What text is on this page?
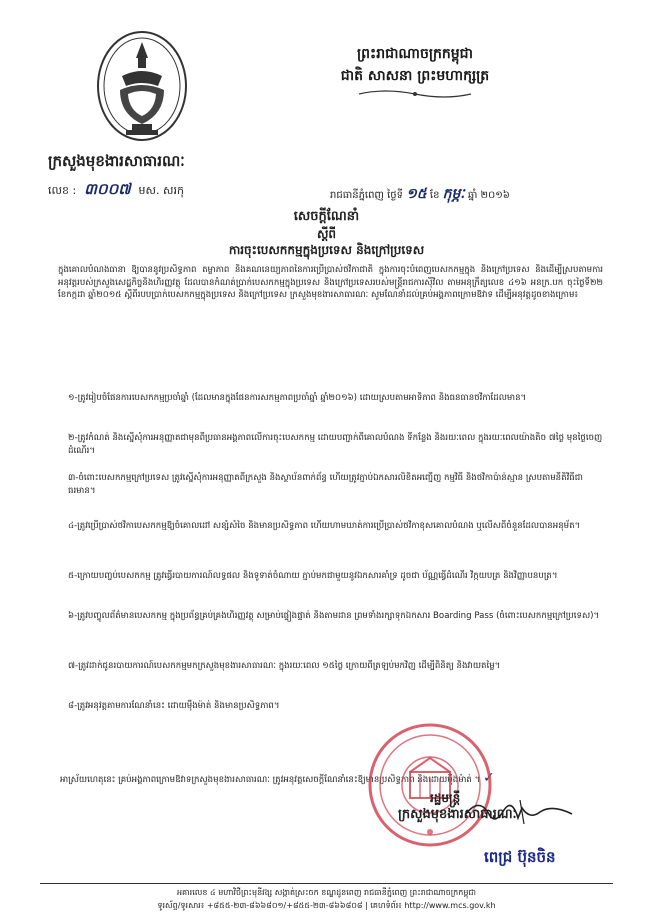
ព្រះរាជាណាចក្រកម្ពុជា
ជាតិ សាសនា ព្រះមហាក្សត្រ
ក្រសួងមុខងារសាធារណៈ
លេខ : ៣០០៧ មស. សរកុ	រាជធានីភ្នំពេញ ថ្ងៃទី ១៥ ខែ កុម្ភៈ ឆ្នាំ ២០១៦
សេចក្តីណែនាំ
ស្តីពី
ការចុះបេសកកម្មក្នុងប្រទេស និងក្រៅប្រទេស
ក្នុងគោលបំណងធានា ឱ្យបាននូវប្រសិទ្ធភាព តម្លាភាព និងគណនេយ្យភាពនៃការប្រើប្រាស់ថវិកាជាតិ ក្នុងការចុះបំពេញបេសកកម្មក្នុង និងក្រៅប្រទេស និងដើម្បីស្របតាមការអនុវត្តរបស់ក្រសួងសេដ្ឋកិច្ចនិងហិរញ្ញវត្ថុ ដែលបានកំណត់ប្រាក់បេសកកម្មក្នុងប្រទេស និងក្រៅប្រទេសរបស់មន្ត្រីរាជការស៊ីវិល តាមអនុក្រឹត្យលេខ ៤១៦ អនក្រ.បក ចុះថ្ងៃទី២២ ខែកក្កដា ឆ្នាំ២០១៥ ស្តីពីរបបប្រាក់បេសកកម្មក្នុងប្រទេស និងក្រៅប្រទេស ក្រសួងមុខងារសាធារណៈ សូមណែនាំដល់គ្រប់អង្គភាពក្រោមឱវាទ ដើម្បីអនុវត្តដូចខាងក្រោម៖
១-ត្រូវរៀបចំផែនការបេសកកម្មប្រចាំឆ្នាំ (ដែលមានក្នុងផែនការសកម្មភាពប្រចាំឆ្នាំ ឆ្នាំ២០១៦) ដោយស្របតាមអាទិភាព និងធនធានថវិកាដែលមាន។
២-ត្រូវកំណត់ និងស្នើសុំការអនុញ្ញាតជាមុនពីប្រធានអង្គភាពលើការចុះបេសកកម្ម ដោយបញ្ជាក់ពីគោលបំណង ទីកន្លែង និងរយៈពេល ក្នុងរយៈពេលយ៉ាងតិច ៧ថ្ងៃ មុនថ្ងៃចេញដំណើរ។
៣-ចំពោះបេសកកម្មក្រៅប្រទេស ត្រូវស្នើសុំការអនុញ្ញាតពីក្រសួង និងស្ថាប័នពាក់ព័ន្ធ ហើយត្រូវភ្ជាប់ឯកសារលិខិតអញ្ជើញ កម្មវិធី និងថវិកាប៉ាន់ស្មាន ស្របតាមនីតិវិធីជាធរមាន។
៤-ត្រូវប្រើប្រាស់ថវិកាបេសកកម្មឱ្យចំគោលដៅ សន្សំសំចៃ និងមានប្រសិទ្ធភាព ហើយហាមឃាត់ការប្រើប្រាស់ថវិកាខុសគោលបំណង ឬលើសពីចំនួនដែលបានអនុម័ត។
៥-ក្រោយបញ្ចប់បេសកកម្ម ត្រូវធ្វើរបាយការណ៍លទ្ធផល និងទូទាត់ចំណាយ ភ្ជាប់មកជាមួយនូវឯកសារគាំទ្រ ដូចជា ប័ណ្ណធ្វើដំណើរ វិក្កយបត្រ និងវិញ្ញាបនបត្រ។
៦-ត្រូវបញ្ចូលព័ត៌មានបេសកកម្ម ក្នុងប្រព័ន្ធគ្រប់គ្រងហិរញ្ញវត្ថុ សម្រាប់ផ្ទៀងផ្ទាត់ និងតាមដាន ព្រមទាំងរក្សាទុកឯកសារ Boarding Pass (ចំពោះបេសកកម្មក្រៅប្រទេស)។
៧-ត្រូវដាក់ជូនរបាយការណ៍បេសកកម្មមកក្រសួងមុខងារសាធារណៈ ក្នុងរយៈពេល ១៥ថ្ងៃ ក្រោយពីត្រឡប់មកវិញ ដើម្បីពិនិត្យ និងវាយតម្លៃ។
៨-ត្រូវអនុវត្តតាមការណែនាំនេះ ដោយម៉ឺងម៉ាត់ និងមានប្រសិទ្ធភាព។
អាស្រ័យហេតុនេះ គ្រប់អង្គភាពក្រោមឱវាទក្រសួងមុខងារសាធារណៈ ត្រូវអនុវត្តសេចក្តីណែនាំនេះឱ្យមានប្រសិទ្ធភាព និងដោយម៉ឺងម៉ាត់ ។ ✓
រដ្ឋមន្ត្រី
ក្រសួងមុខងារសាធារណៈ
ពេជ្រ ប៊ុនចិន
អគារលេខ ៤ មហាវិថីព្រះមុនីវង្ស សង្កាត់ស្រះចក ខណ្ឌដូនពេញ រាជធានីភ្នំពេញ ព្រះរាជាណាចក្រកម្ពុជា
ទូរស័ព្ទ/ទូរសារ៖ +៨៥៥-២៣-៨៦៦៨០១/+៨៥៥-២៣-៨៦៦៨០៨ | គេហទំព័រ៖ http://www.mcs.gov.kh
